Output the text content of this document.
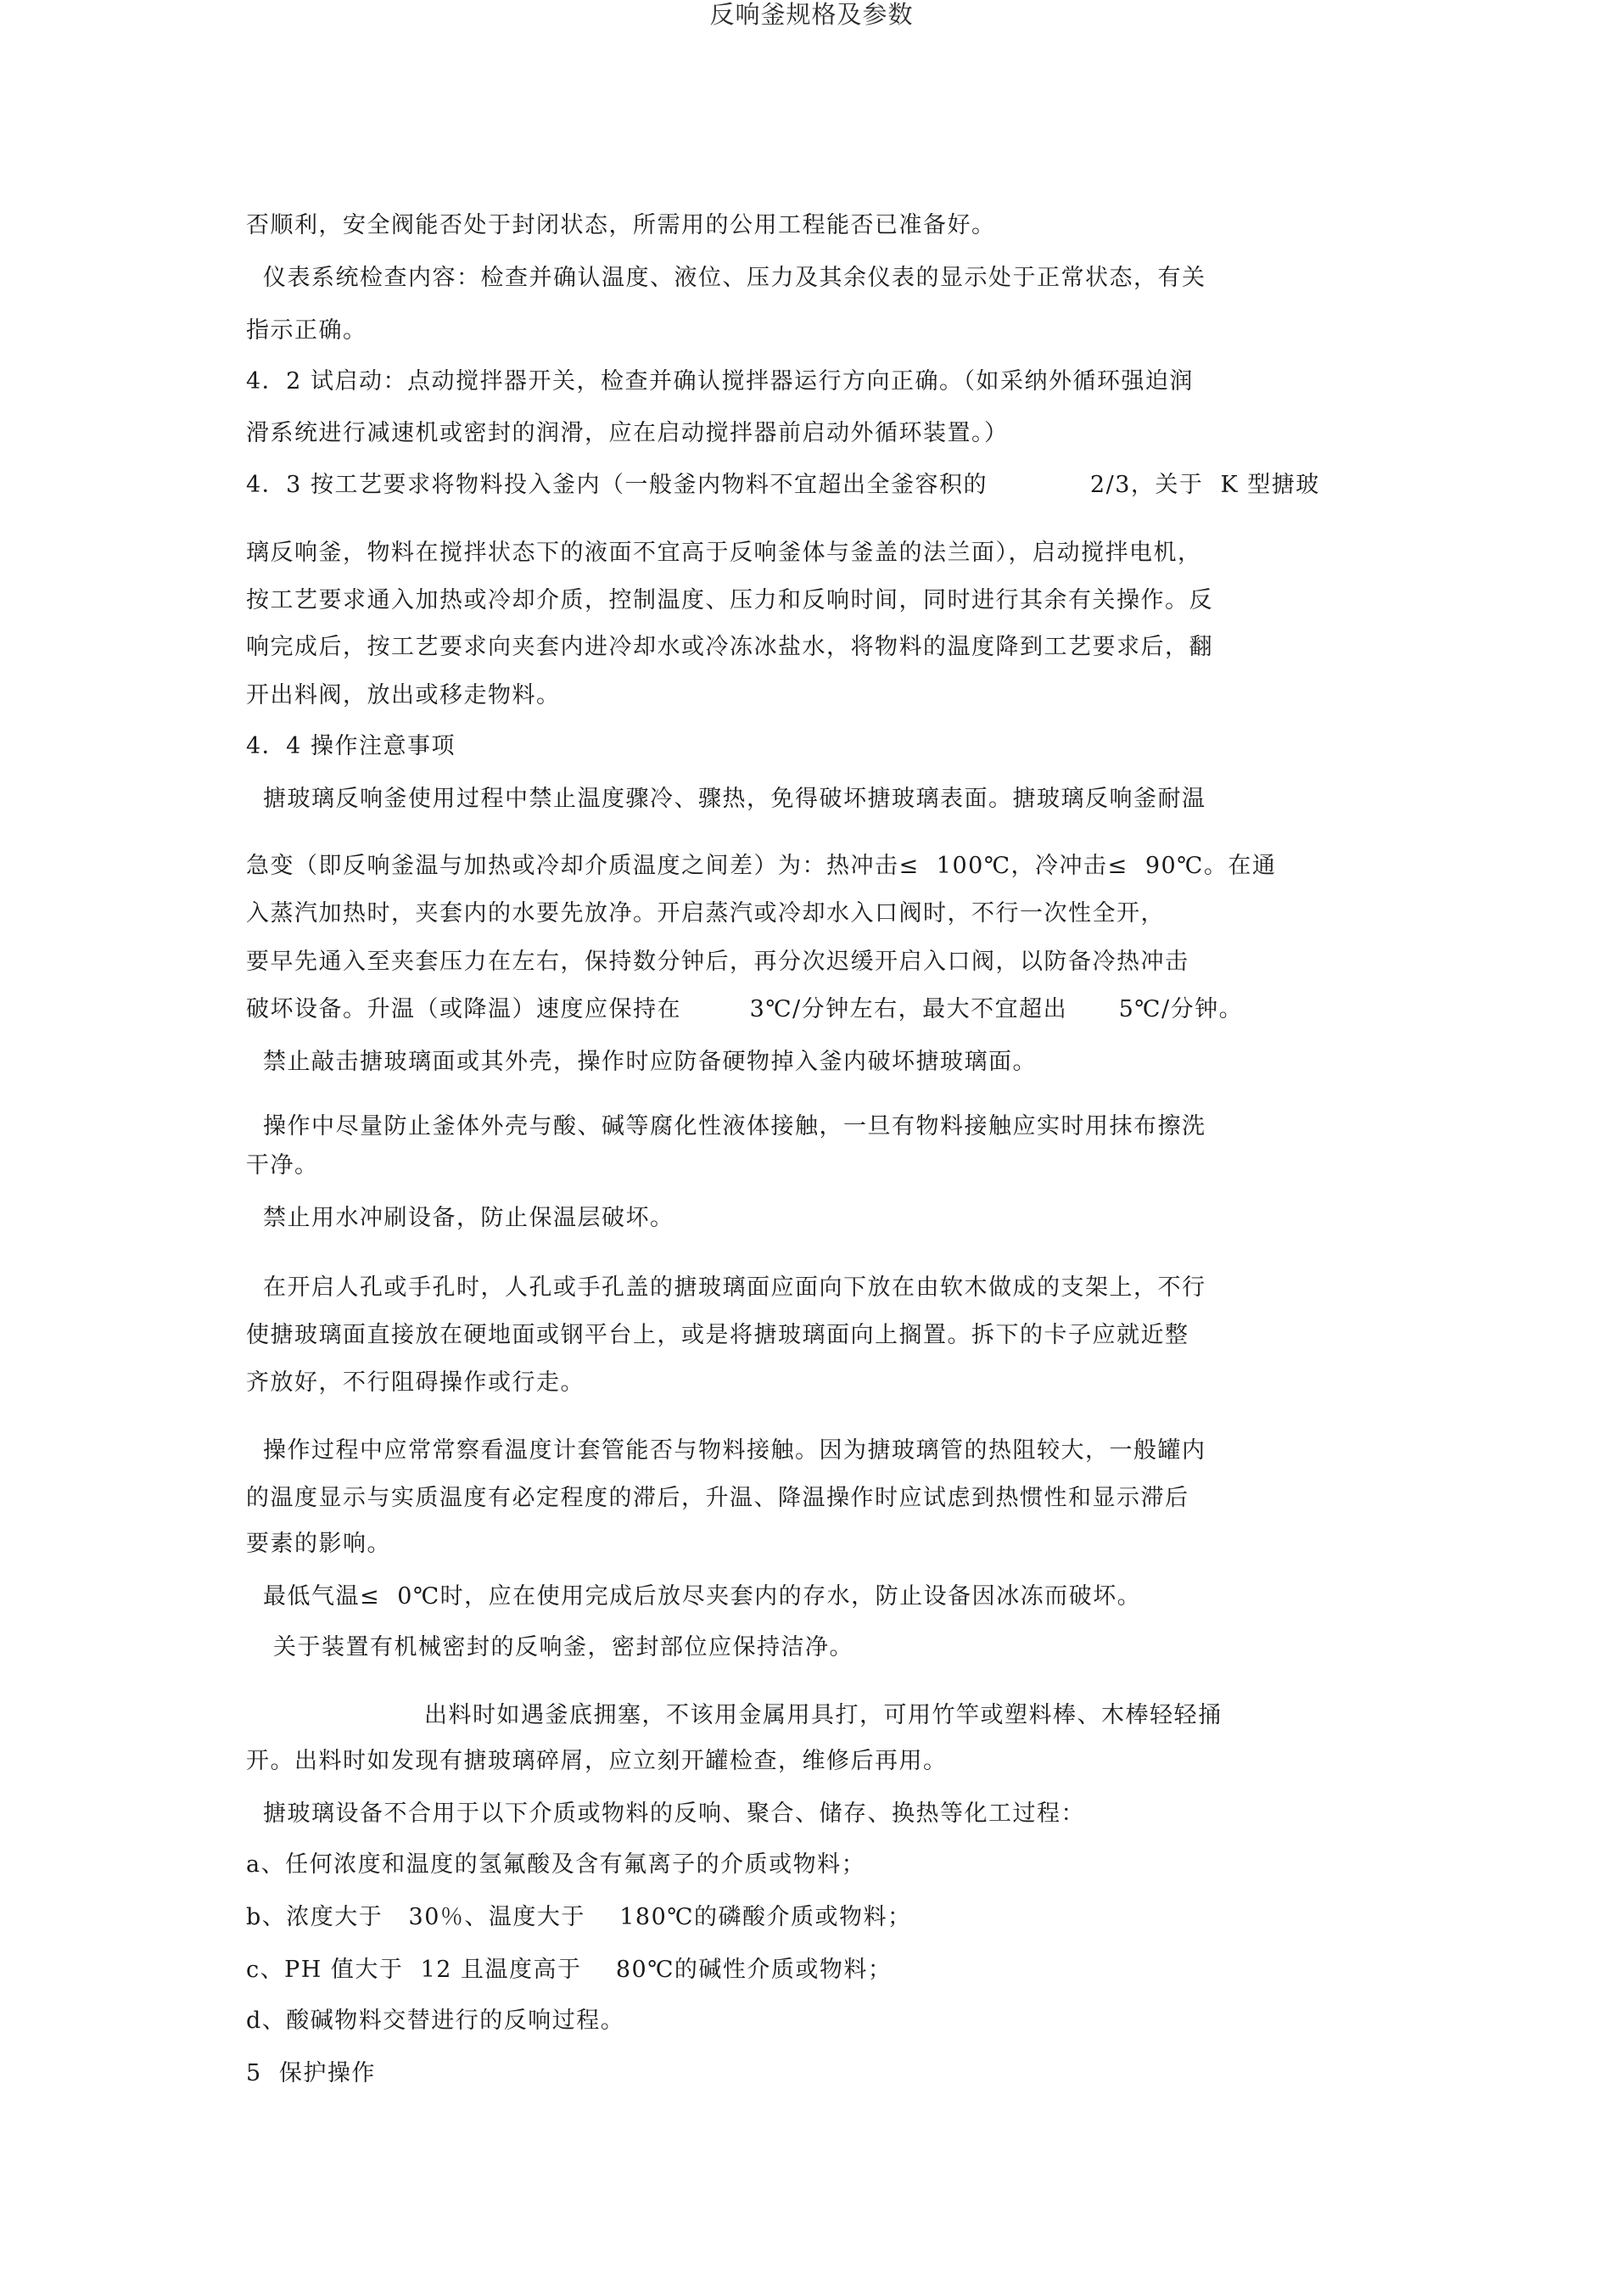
反响釜规格及参数
否顺利，安全阀能否处于封闭状态，所需用的公用工程能否已准备好。
仪表系统检查内容：检查并确认温度、液位、压力及其余仪表的显示处于正常状态，有关
指示正确。
4．2 试启动：点动搅拌器开关，检查并确认搅拌器运行方向正确。（如采纳外循环强迫润
滑系统进行减速机或密封的润滑，应在启动搅拌器前启动外循环装置。）
4．3 按工艺要求将物料投入釜内（一般釜内物料不宜超出全釜容积的            2/3，关于  K 型搪玻
璃反响釜，物料在搅拌状态下的液面不宜高于反响釜体与釜盖的法兰面），启动搅拌电机，
按工艺要求通入加热或冷却介质，控制温度、压力和反响时间，同时进行其余有关操作。反
响完成后，按工艺要求向夹套内进冷却水或冷冻冰盐水，将物料的温度降到工艺要求后，翻
开出料阀，放出或移走物料。
4．4 操作注意事项
搪玻璃反响釜使用过程中禁止温度骤冷、骤热，免得破坏搪玻璃表面。搪玻璃反响釜耐温
急变（即反响釜温与加热或冷却介质温度之间差）为：热冲击≤  100℃，冷冲击≤  90℃。在通
入蒸汽加热时，夹套内的水要先放净。开启蒸汽或冷却水入口阀时，不行一次性全开，
要早先通入至夹套压力在左右，保持数分钟后，再分次迟缓开启入口阀，以防备冷热冲击
破坏设备。升温（或降温）速度应保持在        3℃/分钟左右，最大不宜超出      5℃/分钟。
禁止敲击搪玻璃面或其外壳，操作时应防备硬物掉入釜内破坏搪玻璃面。
操作中尽量防止釜体外壳与酸、碱等腐化性液体接触，一旦有物料接触应实时用抹布擦洗
干净。
禁止用水冲刷设备，防止保温层破坏。
在开启人孔或手孔时，人孔或手孔盖的搪玻璃面应面向下放在由软木做成的支架上，不行
使搪玻璃面直接放在硬地面或钢平台上，或是将搪玻璃面向上搁置。拆下的卡子应就近整
齐放好，不行阻碍操作或行走。
操作过程中应常常察看温度计套管能否与物料接触。因为搪玻璃管的热阻较大，一般罐内
的温度显示与实质温度有必定程度的滞后，升温、降温操作时应试虑到热惯性和显示滞后
要素的影响。
最低气温≤  0℃时，应在使用完成后放尽夹套内的存水，防止设备因冰冻而破坏。
关于装置有机械密封的反响釜，密封部位应保持洁净。
出料时如遇釜底拥塞，不该用金属用具打，可用竹竿或塑料棒、木棒轻轻捅
开。出料时如发现有搪玻璃碎屑，应立刻开罐检查，维修后再用。
搪玻璃设备不合用于以下介质或物料的反响、聚合、储存、换热等化工过程：
a、任何浓度和温度的氢氟酸及含有氟离子的介质或物料；
b、浓度大于   30％、温度大于    180℃的磷酸介质或物料；
c、PH 值大于  12 且温度高于    80℃的碱性介质或物料；
d、酸碱物料交替进行的反响过程。
5  保护操作
